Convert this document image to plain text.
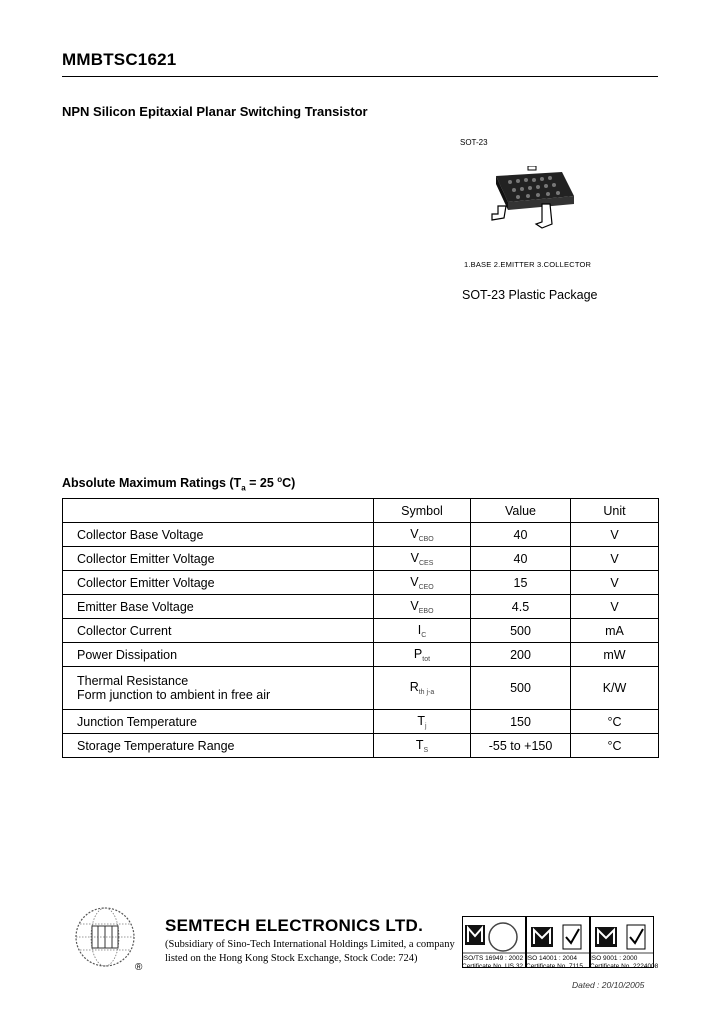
MMBTSC1621
NPN Silicon Epitaxial Planar Switching Transistor
SOT-23
1.BASE 2.EMITTER 3.COLLECTOR
SOT-23 Plastic Package
Absolute Maximum Ratings ($T_a = 25$ $^o$C)
	Symbol	Value	Unit
Collector Base Voltage	$V_{CBO}$	40	V
Collector Emitter Voltage	$V_{CES}$	40	V
Collector Emitter Voltage	$V_{CEO}$	15	V
Emitter Base Voltage	$V_{EBO}$	4.5	V
Collector Current	$I_C$	500	mA
Power Dissipation	$P_{tot}$	200	mW

Thermal Resistance
Form junction to ambient in free air	$R_{th j-a}$	500	K/W
Junction Temperature	$T_j$	150	°C
Storage Temperature Range	$T_S$	-55 to +150	°C
®
SEMTECH ELECTRONICS LTD.
(Subsidiary of Sino-Tech International Holdings Limited, a company
listed on the Hong Kong Stock Exchange, Stock Code: 724)	ISO/TS 16949 : 2002
Certificate No. US 32
ISO 14001 : 2004
Certificate No. 7115
ISO 9001 : 2000
Certificate No. 2224008
Dated : 20/10/2005
